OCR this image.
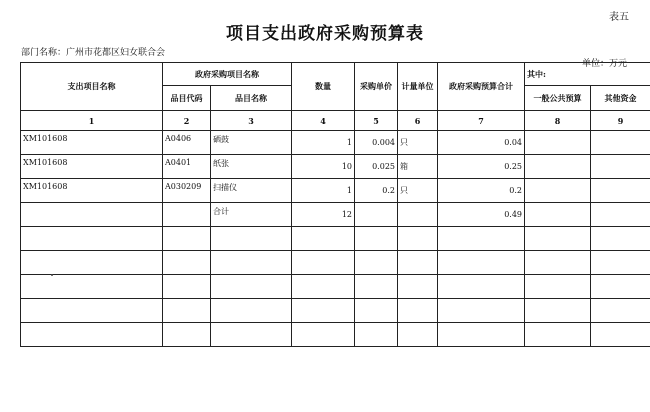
表五
项目支出政府采购预算表
部门名称：广州市花都区妇女联合会
单位：万元
支出项目名称	政府采购项目名称		数量	采购单价	计量单位	政府采购预算合计	其中:	
	品目代码	品目名称					一般公共预算	其他资金
1	2	3	4	5	6	7	8	9
XM101608	A0406	硒鼓	1	0.004	只	0.04		
XM101608	A0401	纸张	10	0.025	箱	0.25		
XM101608	A030209	扫描仪	1	0.2	只	0.2		
		合计	12			0.49		
